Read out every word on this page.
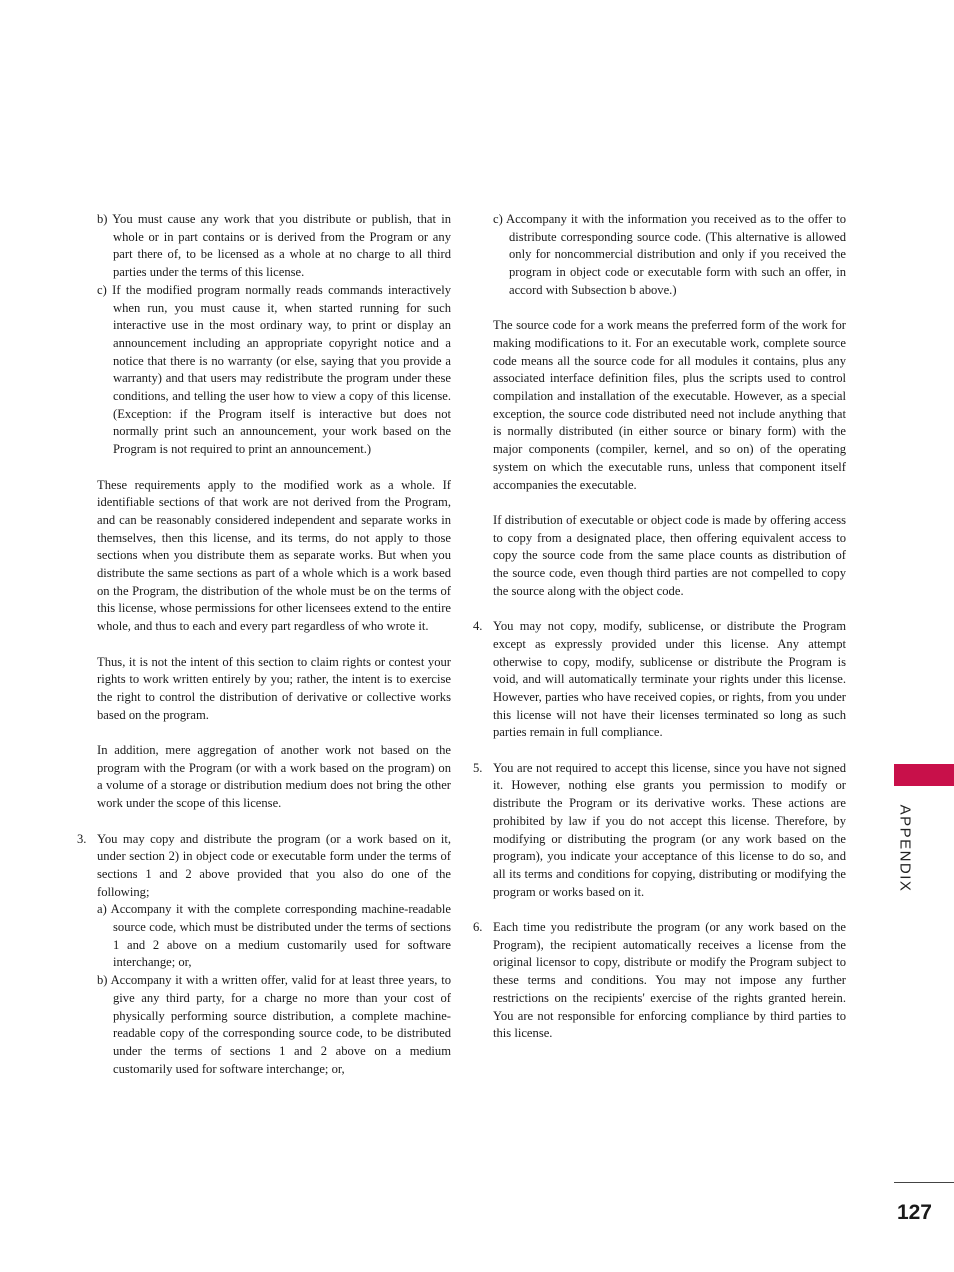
b) You must cause any work that you distribute or publish, that in whole or in part contains or is derived from the Program or any part there of, to be licensed as a whole at no charge to all third parties under the terms of this license.
c) If the modified program normally reads commands interactively when run, you must cause it, when started running for such interactive use in the most ordinary way, to print or display an announcement including an appropriate copyright notice and a notice that there is no warranty (or else, saying that you provide a warranty) and that users may redistribute the program under these conditions, and telling the user how to view a copy of this license. (Exception: if the Program itself is interactive but does not normally print such an announcement, your work based on the Program is not required to print an announcement.)

These requirements apply to the modified work as a whole. If identifiable sections of that work are not derived from the Program, and can be reasonably considered independent and separate works in themselves, then this license, and its terms, do not apply to those sections when you distribute them as separate works. But when you distribute the same sections as part of a whole which is a work based on the Program, the distribution of the whole must be on the terms of this license, whose permissions for other licensees extend to the entire whole, and thus to each and every part regardless of who wrote it.

Thus, it is not the intent of this section to claim rights or contest your rights to work written entirely by you; rather, the intent is to exercise the right to control the distribution of derivative or collective works based on the program.

In addition, mere aggregation of another work not based on the program with the Program (or with a work based on the program) on a volume of a storage or distribution medium does not bring the other work under the scope of this license.

3. You may copy and distribute the program (or a work based on it, under section 2) in object code or executable form under the terms of sections 1 and 2 above provided that you also do one of the following;
a) Accompany it with the complete corresponding machine-readable source code, which must be distributed under the terms of sections 1 and 2 above on a medium customarily used for software interchange; or,
b) Accompany it with a written offer, valid for at least three years, to give any third party, for a charge no more than your cost of physically performing source distribution, a complete machine-readable copy of the corresponding source code, to be distributed under the terms of sections 1 and 2 above on a medium customarily used for software interchange; or,
c) Accompany it with the information you received as to the offer to distribute corresponding source code. (This alternative is allowed only for noncommercial distribution and only if you received the program in object code or executable form with such an offer, in accord with Subsection b above.)

The source code for a work means the preferred form of the work for making modifications to it. For an executable work, complete source code means all the source code for all modules it contains, plus any associated interface definition files, plus the scripts used to control compilation and installation of the executable. However, as a special exception, the source code distributed need not include anything that is normally distributed (in either source or binary form) with the major components (compiler, kernel, and so on) of the operating system on which the executable runs, unless that component itself accompanies the executable.

If distribution of executable or object code is made by offering access to copy from a designated place, then offering equivalent access to copy the source code from the same place counts as distribution of the source code, even though third parties are not compelled to copy the source along with the object code.

4. You may not copy, modify, sublicense, or distribute the Program except as expressly provided under this license. Any attempt otherwise to copy, modify, sublicense or distribute the Program is void, and will automatically terminate your rights under this license. However, parties who have received copies, or rights, from you under this license will not have their licenses terminated so long as such parties remain in full compliance.
5. You are not required to accept this license, since you have not signed it. However, nothing else grants you permission to modify or distribute the Program or its derivative works. These actions are prohibited by law if you do not accept this license. Therefore, by modifying or distributing the program (or any work based on the program), you indicate your acceptance of this license to do so, and all its terms and conditions for copying, distributing or modifying the program or works based on it.
6. Each time you redistribute the program (or any work based on the Program), the recipient automatically receives a license from the original licensor to copy, distribute or modify the Program subject to these terms and conditions. You may not impose any further restrictions on the recipients' exercise of the rights granted herein. You are not responsible for enforcing compliance by third parties to this license.
APPENDIX
127
